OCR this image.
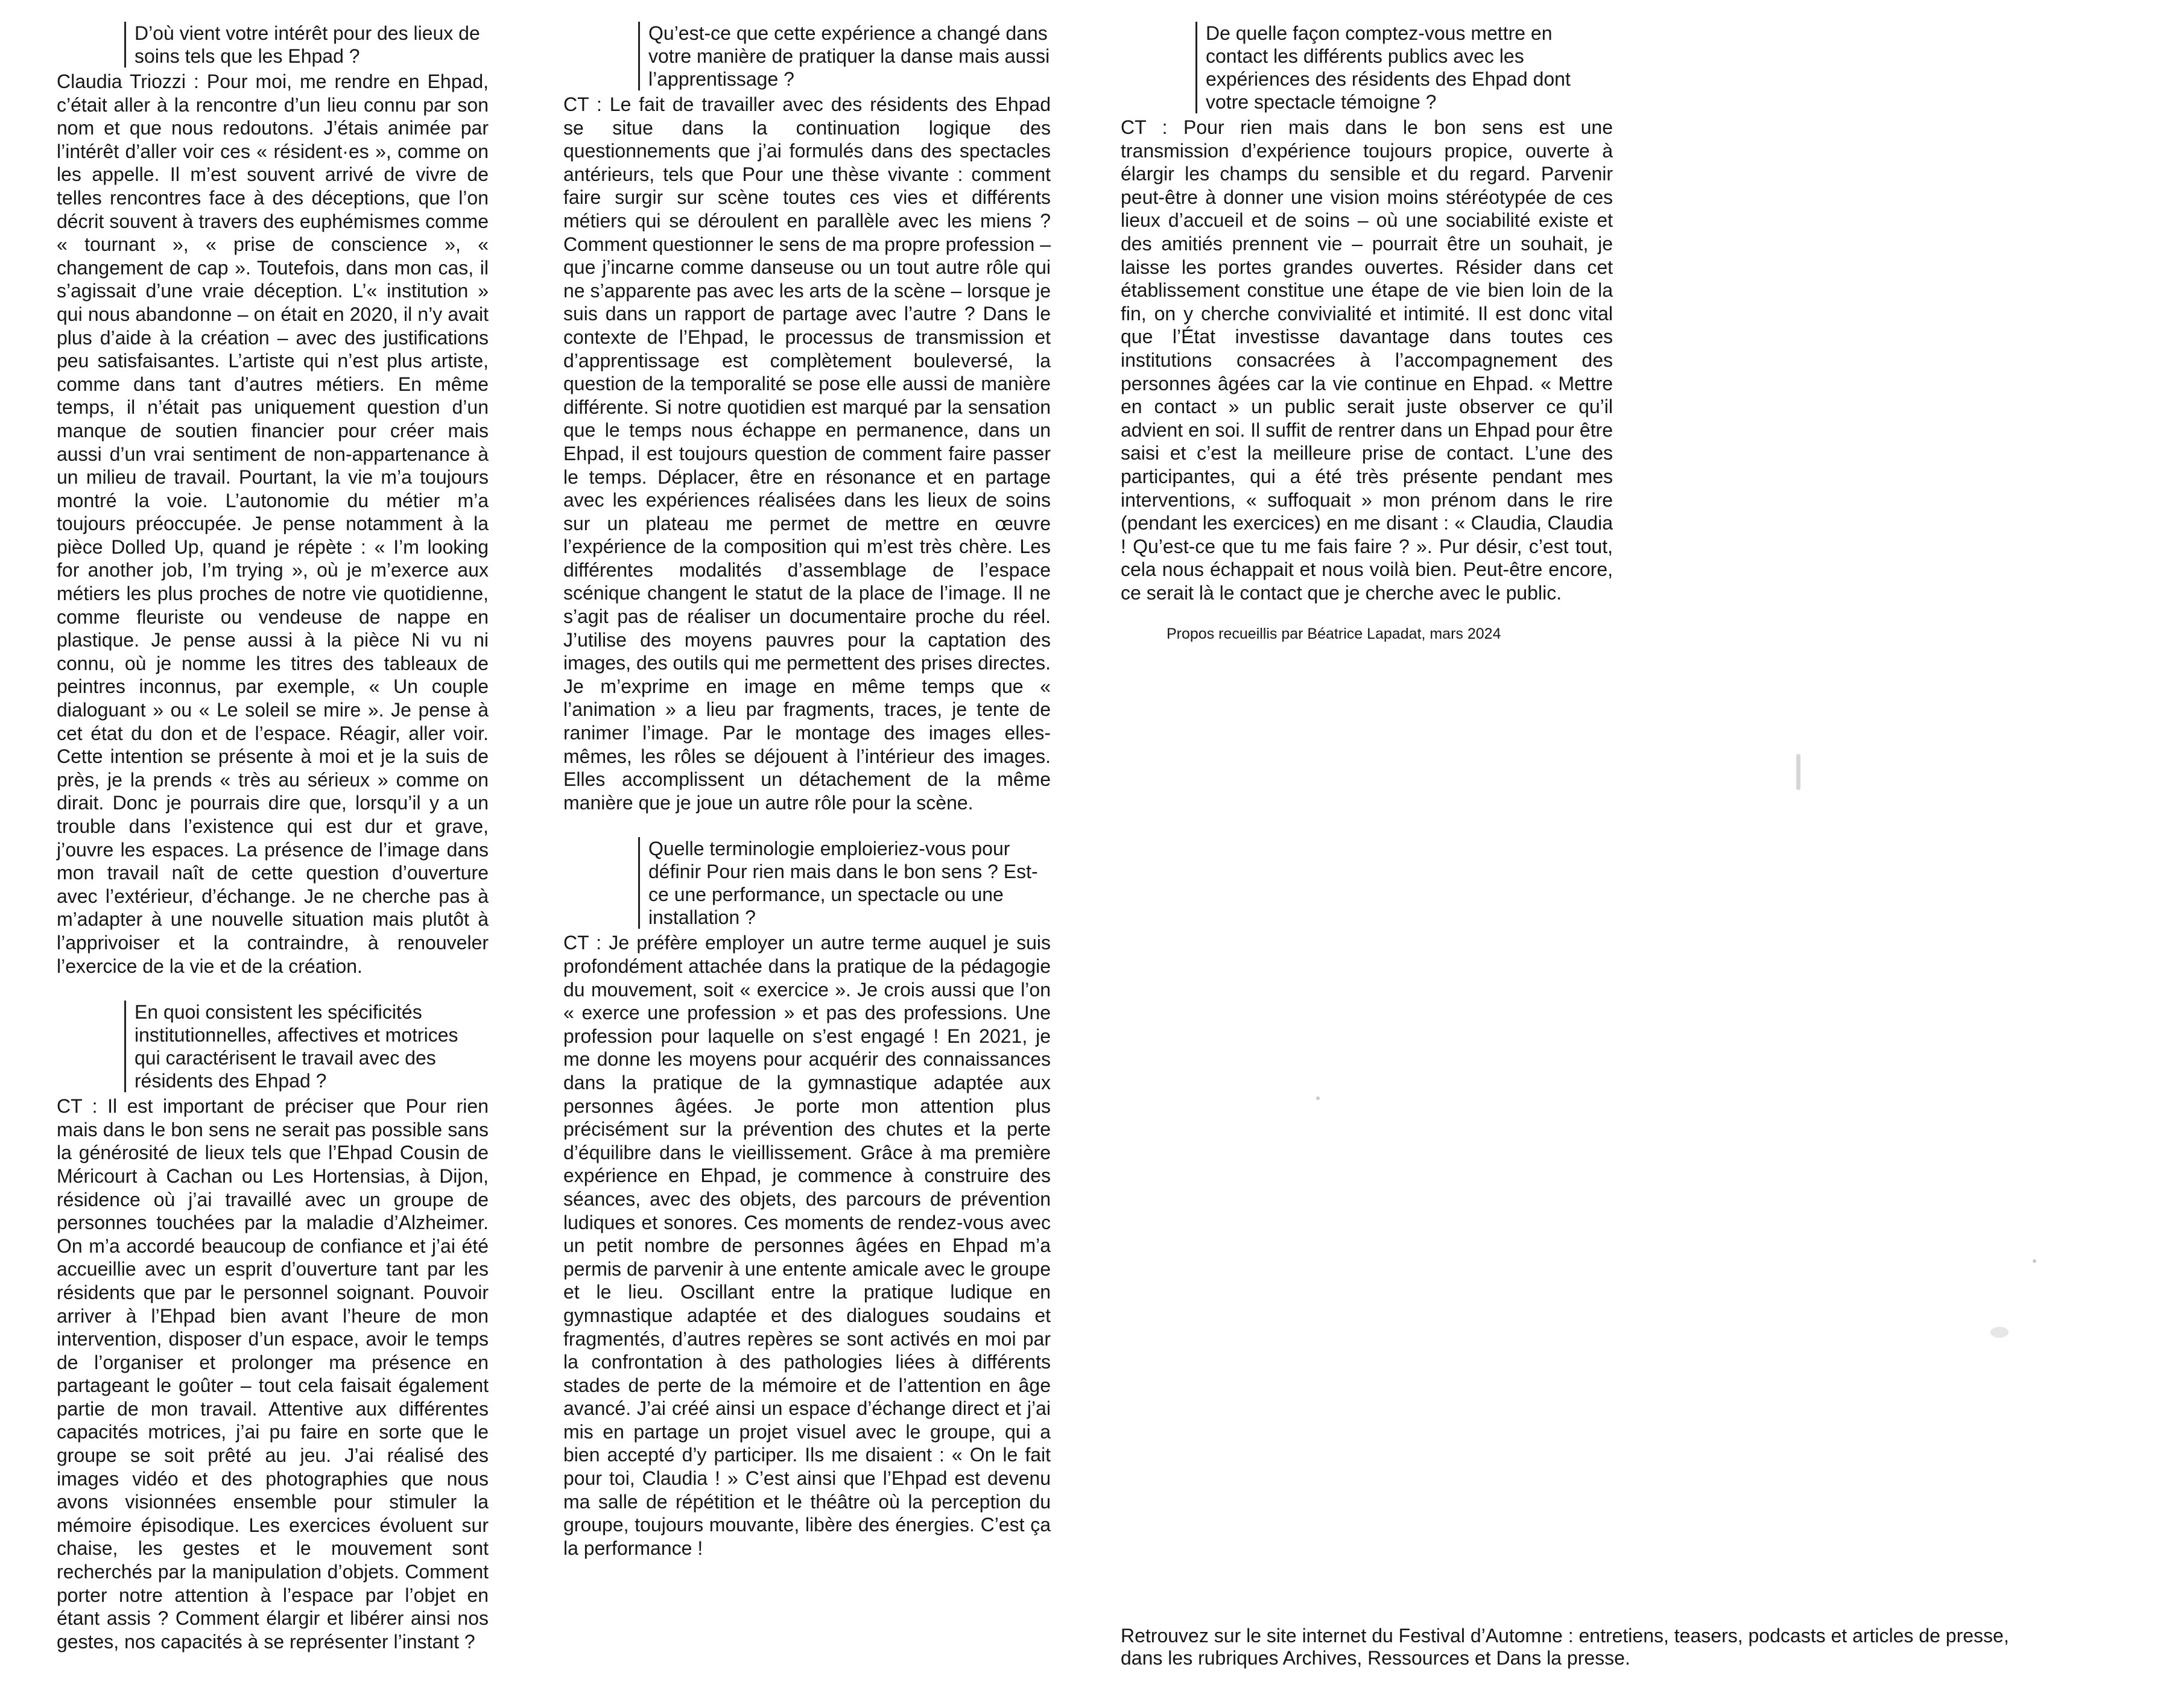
D’où vient votre intérêt pour des lieux de soins tels que les Ehpad ?

Claudia Triozzi : Pour moi, me rendre en Ehpad, c’était aller à la rencontre d’un lieu connu par son nom et que nous redoutons. J’étais animée par l’intérêt d’aller voir ces « résident·es », comme on les appelle. Il m’est souvent arrivé de vivre de telles rencontres face à des déceptions, que l’on décrit souvent à travers des euphémismes comme « tournant », « prise de conscience », « changement de cap ». Toutefois, dans mon cas, il s’agissait d’une vraie déception. L’« institution » qui nous abandonne – on était en 2020, il n’y avait plus d’aide à la création – avec des justifications peu satisfaisantes. L’artiste qui n’est plus artiste, comme dans tant d’autres métiers. En même temps, il n’était pas uniquement question d’un manque de soutien financier pour créer mais aussi d’un vrai sentiment de non-appartenance à un milieu de travail. Pourtant, la vie m’a toujours montré la voie. L’autonomie du métier m’a toujours préoccupée. Je pense notamment à la pièce Dolled Up, quand je répète : « I’m looking for another job, I’m trying », où je m’exerce aux métiers les plus proches de notre vie quotidienne, comme fleuriste ou vendeuse de nappe en plastique. Je pense aussi à la pièce Ni vu ni connu, où je nomme les titres des tableaux de peintres inconnus, par exemple, « Un couple dialoguant » ou « Le soleil se mire ». Je pense à cet état du don et de l’espace. Réagir, aller voir. Cette intention se présente à moi et je la suis de près, je la prends « très au sérieux » comme on dirait. Donc je pourrais dire que, lorsqu’il y a un trouble dans l’existence qui est dur et grave, j’ouvre les espaces. La présence de l’image dans mon travail naît de cette question d’ouverture avec l’extérieur, d’échange. Je ne cherche pas à m’adapter à une nouvelle situation mais plutôt à l’apprivoiser et la contraindre, à renouveler l’exercice de la vie et de la création.

En quoi consistent les spécificités institutionnelles, affectives et motrices qui caractérisent le travail avec des résidents des Ehpad ?

CT : Il est important de préciser que Pour rien mais dans le bon sens ne serait pas possible sans la générosité de lieux tels que l’Ehpad Cousin de Méricourt à Cachan ou Les Hortensias, à Dijon, résidence où j’ai travaillé avec un groupe de personnes touchées par la maladie d’Alzheimer. On m’a accordé beaucoup de confiance et j’ai été accueillie avec un esprit d’ouverture tant par les résidents que par le personnel soignant. Pouvoir arriver à l’Ehpad bien avant l’heure de mon intervention, disposer d’un espace, avoir le temps de l’organiser et prolonger ma présence en partageant le goûter – tout cela faisait également partie de mon travail. Attentive aux différentes capacités motrices, j’ai pu faire en sorte que le groupe se soit prêté au jeu. J’ai réalisé des images vidéo et des photographies que nous avons visionnées ensemble pour stimuler la mémoire épisodique. Les exercices évoluent sur chaise, les gestes et le mouvement sont recherchés par la manipulation d’objets. Comment porter notre attention à l’espace par l’objet en étant assis ? Comment élargir et libérer ainsi nos gestes, nos capacités à se représenter l’instant ?

Qu’est-ce que cette expérience a changé dans votre manière de pratiquer la danse mais aussi l’apprentissage ?

CT : Le fait de travailler avec des résidents des Ehpad se situe dans la continuation logique des questionnements que j’ai formulés dans des spectacles antérieurs, tels que Pour une thèse vivante : comment faire surgir sur scène toutes ces vies et différents métiers qui se déroulent en parallèle avec les miens ? Comment questionner le sens de ma propre profession – que j’incarne comme danseuse ou un tout autre rôle qui ne s’apparente pas avec les arts de la scène – lorsque je suis dans un rapport de partage avec l’autre ? Dans le contexte de l’Ehpad, le processus de transmission et d’apprentissage est complètement bouleversé, la question de la temporalité se pose elle aussi de manière différente. Si notre quotidien est marqué par la sensation que le temps nous échappe en permanence, dans un Ehpad, il est toujours question de comment faire passer le temps. Déplacer, être en résonance et en partage avec les expériences réalisées dans les lieux de soins sur un plateau me permet de mettre en œuvre l’expérience de la composition qui m’est très chère. Les différentes modalités d’assemblage de l’espace scénique changent le statut de la place de l’image. Il ne s’agit pas de réaliser un documentaire proche du réel. J’utilise des moyens pauvres pour la captation des images, des outils qui me permettent des prises directes. Je m’exprime en image en même temps que « l’animation » a lieu par fragments, traces, je tente de ranimer l’image. Par le montage des images elles-mêmes, les rôles se déjouent à l’intérieur des images. Elles accomplissent un détachement de la même manière que je joue un autre rôle pour la scène.

Quelle terminologie emploieriez-vous pour définir Pour rien mais dans le bon sens ? Est-ce une performance, un spectacle ou une installation ?

CT : Je préfère employer un autre terme auquel je suis profondément attachée dans la pratique de la pédagogie du mouvement, soit « exercice ». Je crois aussi que l’on « exerce une profession » et pas des professions. Une profession pour laquelle on s’est engagé ! En 2021, je me donne les moyens pour acquérir des connaissances dans la pratique de la gymnastique adaptée aux personnes âgées. Je porte mon attention plus précisément sur la prévention des chutes et la perte d’équilibre dans le vieillissement. Grâce à ma première expérience en Ehpad, je commence à construire des séances, avec des objets, des parcours de prévention ludiques et sonores. Ces moments de rendez-vous avec un petit nombre de personnes âgées en Ehpad m’a permis de parvenir à une entente amicale avec le groupe et le lieu. Oscillant entre la pratique ludique en gymnastique adaptée et des dialogues soudains et fragmentés, d’autres repères se sont activés en moi par la confrontation à des pathologies liées à différents stades de perte de la mémoire et de l’attention en âge avancé. J’ai créé ainsi un espace d’échange direct et j’ai mis en partage un projet visuel avec le groupe, qui a bien accepté d’y participer. Ils me disaient : « On le fait pour toi, Claudia ! » C’est ainsi que l’Ehpad est devenu ma salle de répétition et le théâtre où la perception du groupe, toujours mouvante, libère des énergies. C’est ça la performance !

De quelle façon comptez-vous mettre en contact les différents publics avec les expériences des résidents des Ehpad dont votre spectacle témoigne ?

CT : Pour rien mais dans le bon sens est une transmission d’expérience toujours propice, ouverte à élargir les champs du sensible et du regard. Parvenir peut-être à donner une vision moins stéréotypée de ces lieux d’accueil et de soins – où une sociabilité existe et des amitiés prennent vie – pourrait être un souhait, je laisse les portes grandes ouvertes. Résider dans cet établissement constitue une étape de vie bien loin de la fin, on y cherche convivialité et intimité. Il est donc vital que l’État investisse davantage dans toutes ces institutions consacrées à l’accompagnement des personnes âgées car la vie continue en Ehpad. « Mettre en contact » un public serait juste observer ce qu’il advient en soi. Il suffit de rentrer dans un Ehpad pour être saisi et c’est la meilleure prise de contact. L’une des participantes, qui a été très présente pendant mes interventions, « suffoquait » mon prénom dans le rire (pendant les exercices) en me disant : « Claudia, Claudia ! Qu’est-ce que tu me fais faire ? ». Pur désir, c’est tout, cela nous échappait et nous voilà bien. Peut-être encore, ce serait là le contact que je cherche avec le public.

Propos recueillis par Béatrice Lapadat, mars 2024

Retrouvez sur le site internet du Festival d’Automne : entretiens, teasers, podcasts et articles de presse,
dans les rubriques Archives, Ressources et Dans la presse.
